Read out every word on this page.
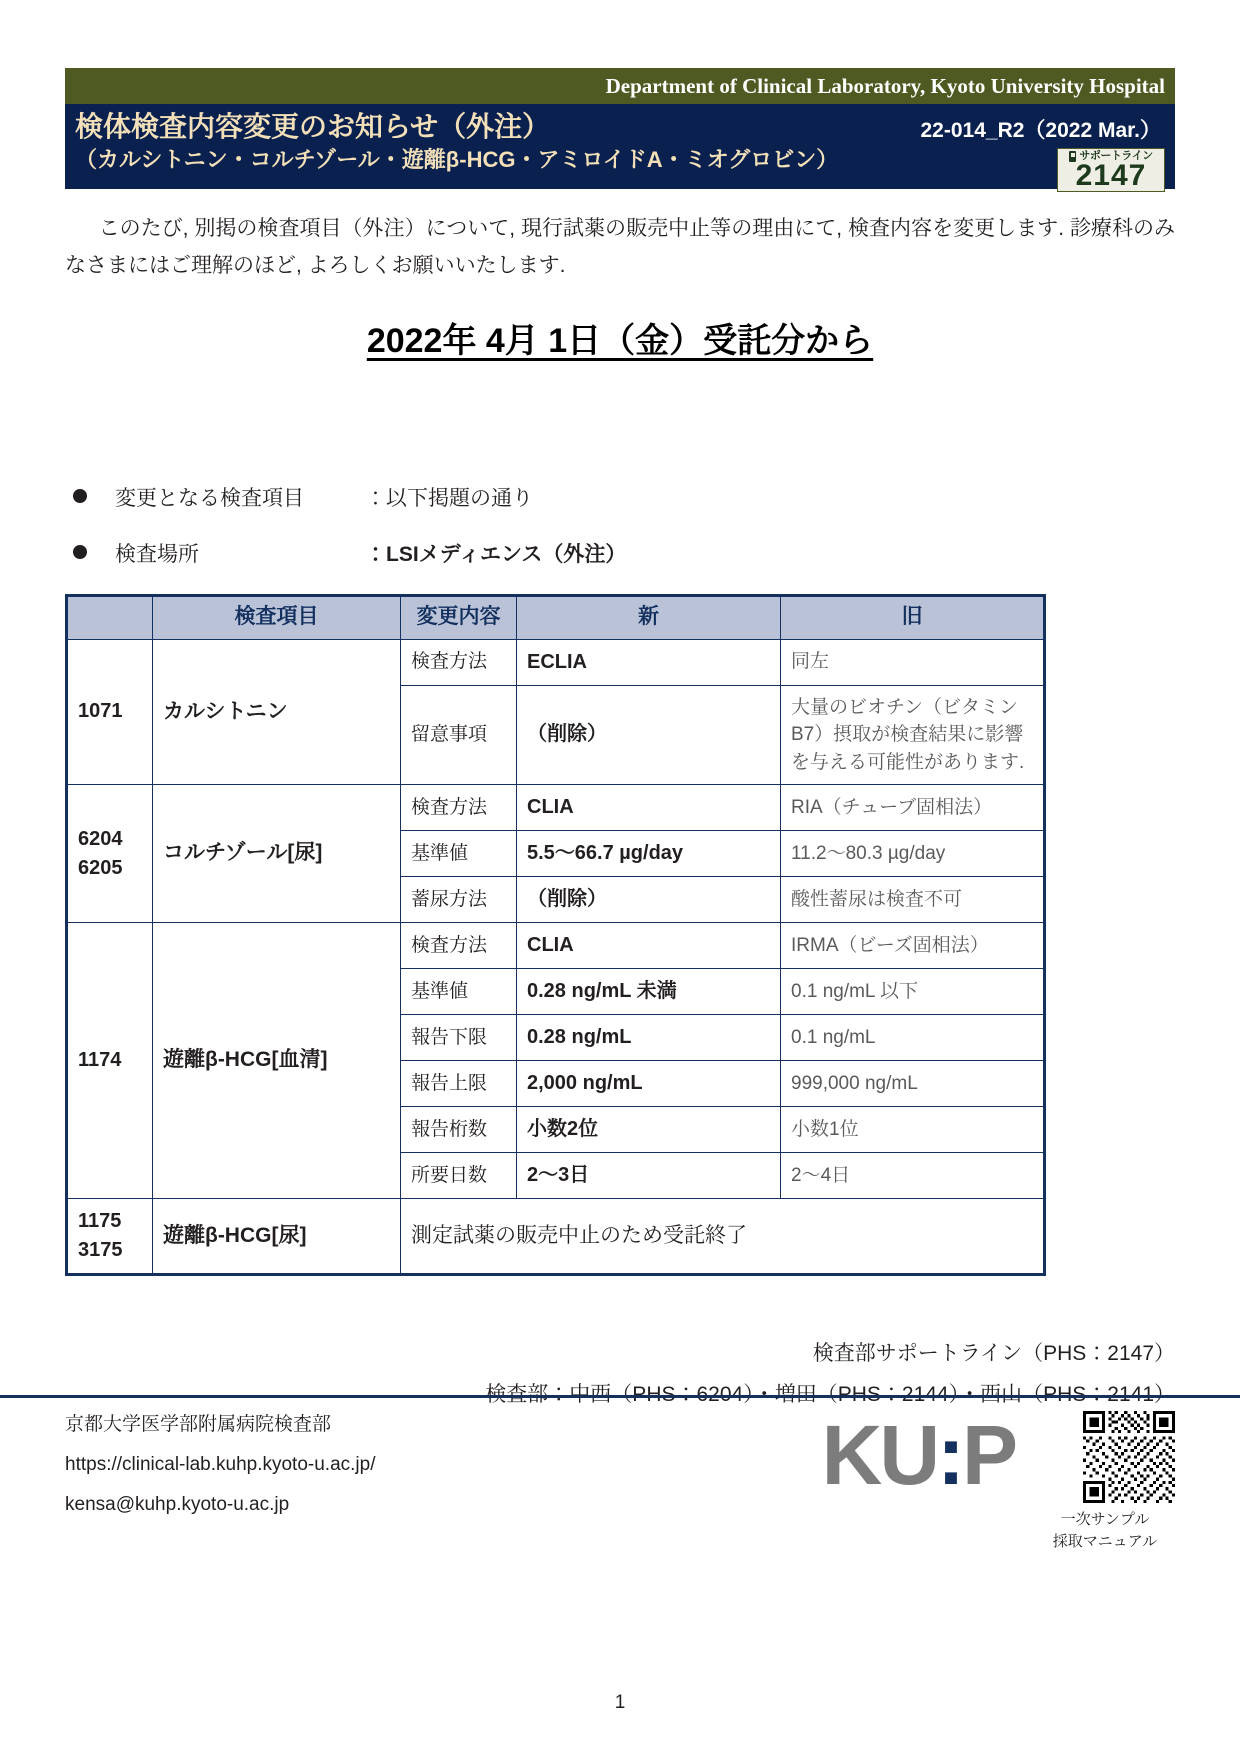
Department of Clinical Laboratory, Kyoto University Hospital
検体検査内容変更のお知らせ（外注）
（カルシトニン・コルチゾール・遊離β-HCG・アミロイドA・ミオグロビン）
22-014_R2（2022 Mar.）
サポートライン
2147

このたび, 別掲の検査項目（外注）について, 現行試薬の販売中止等の理由にて, 検査内容を変更します. 診療科のみなさまにはご理解のほど, よろしくお願いいたします.

2022年 4月 1日（金）受託分から
変更となる検査項目	：以下掲題の通り
検査場所	：LSIメディエンス（外注）
	検査項目	変更内容	新	旧

1071	カルシトニン	検査方法	ECLIA	同左
		留意事項	（削除）	大量のビオチン（ビタミンB7）摂取が検査結果に影響を与える可能性があります.

6204
6205	コルチゾール[尿]	検査方法	CLIA	RIA（チューブ固相法）
		基準値	5.5〜66.7 µg/day	11.2〜80.3 µg/day
		蓄尿方法	（削除）	酸性蓄尿は検査不可

1174	遊離β-HCG[血清]	検査方法	CLIA	IRMA（ビーズ固相法）
		基準値	0.28 ng/mL 未満	0.1 ng/mL 以下
		報告下限	0.28 ng/mL	0.1 ng/mL
		報告上限	2,000 ng/mL	999,000 ng/mL
		報告桁数	小数2位	小数1位
		所要日数	2〜3日	2〜4日

1175
3175	遊離β-HCG[尿]	測定試薬の販売中止のため受託終了		
検査部サポートライン（PHS：2147）
京都大学医学部附属病院検査部
https://clinical-lab.kuhp.kyoto-u.ac.jp/
kensa@kuhp.kyoto-u.ac.jp
KU:P
一次サンプル
採取マニュアル
1
